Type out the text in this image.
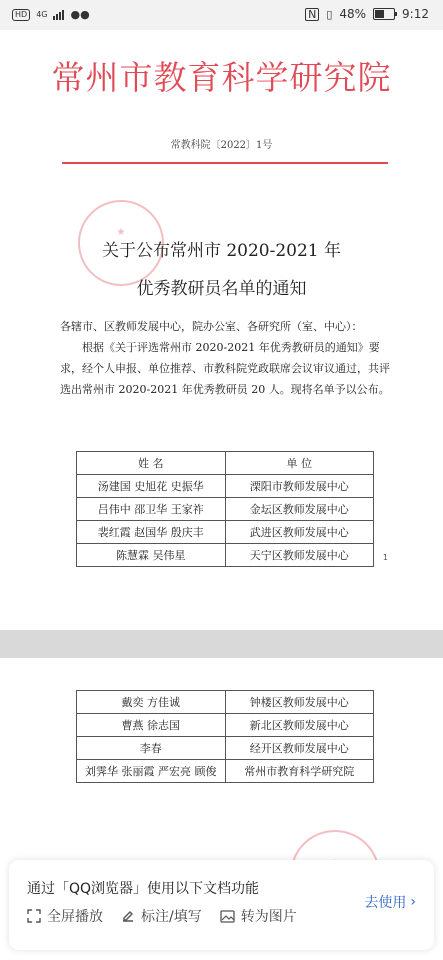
HD	4G ●●	N ▯ 48%	9:12
常州市教育科学研究院
常教科院〔2022〕1号
★
关于公布常州市 2020-2021 年
优秀教研员名单的通知
各辖市、区教师发展中心，院办公室、各研究所（室、中心）：
根据《关于评选常州市 2020-2021 年优秀教研员的通知》要求，经个人申报、单位推荐、市教科院党政联席会议审议通过，共评选出常州市 2020-2021 年优秀教研员 20 人。现将名单予以公布。
姓 名	单 位
汤建国 史旭花 史振华	溧阳市教师发展中心
吕伟中 邵卫华 王家祚	金坛区教师发展中心
裴红霞 赵国华 殷庆丰	武进区教师发展中心
陈慧霖 吴伟星	天宁区教师发展中心	1
戴奕 方佳诚	钟楼区教师发展中心
曹燕 徐志国	新北区教师发展中心
李春	经开区教师发展中心
刘霁华 张丽霞 严宏亮 顾俊	常州市教育科学研究院
通过「QQ浏览器」使用以下文档功能
全屏播放	标注/填写	转为图片
去使用 ›
